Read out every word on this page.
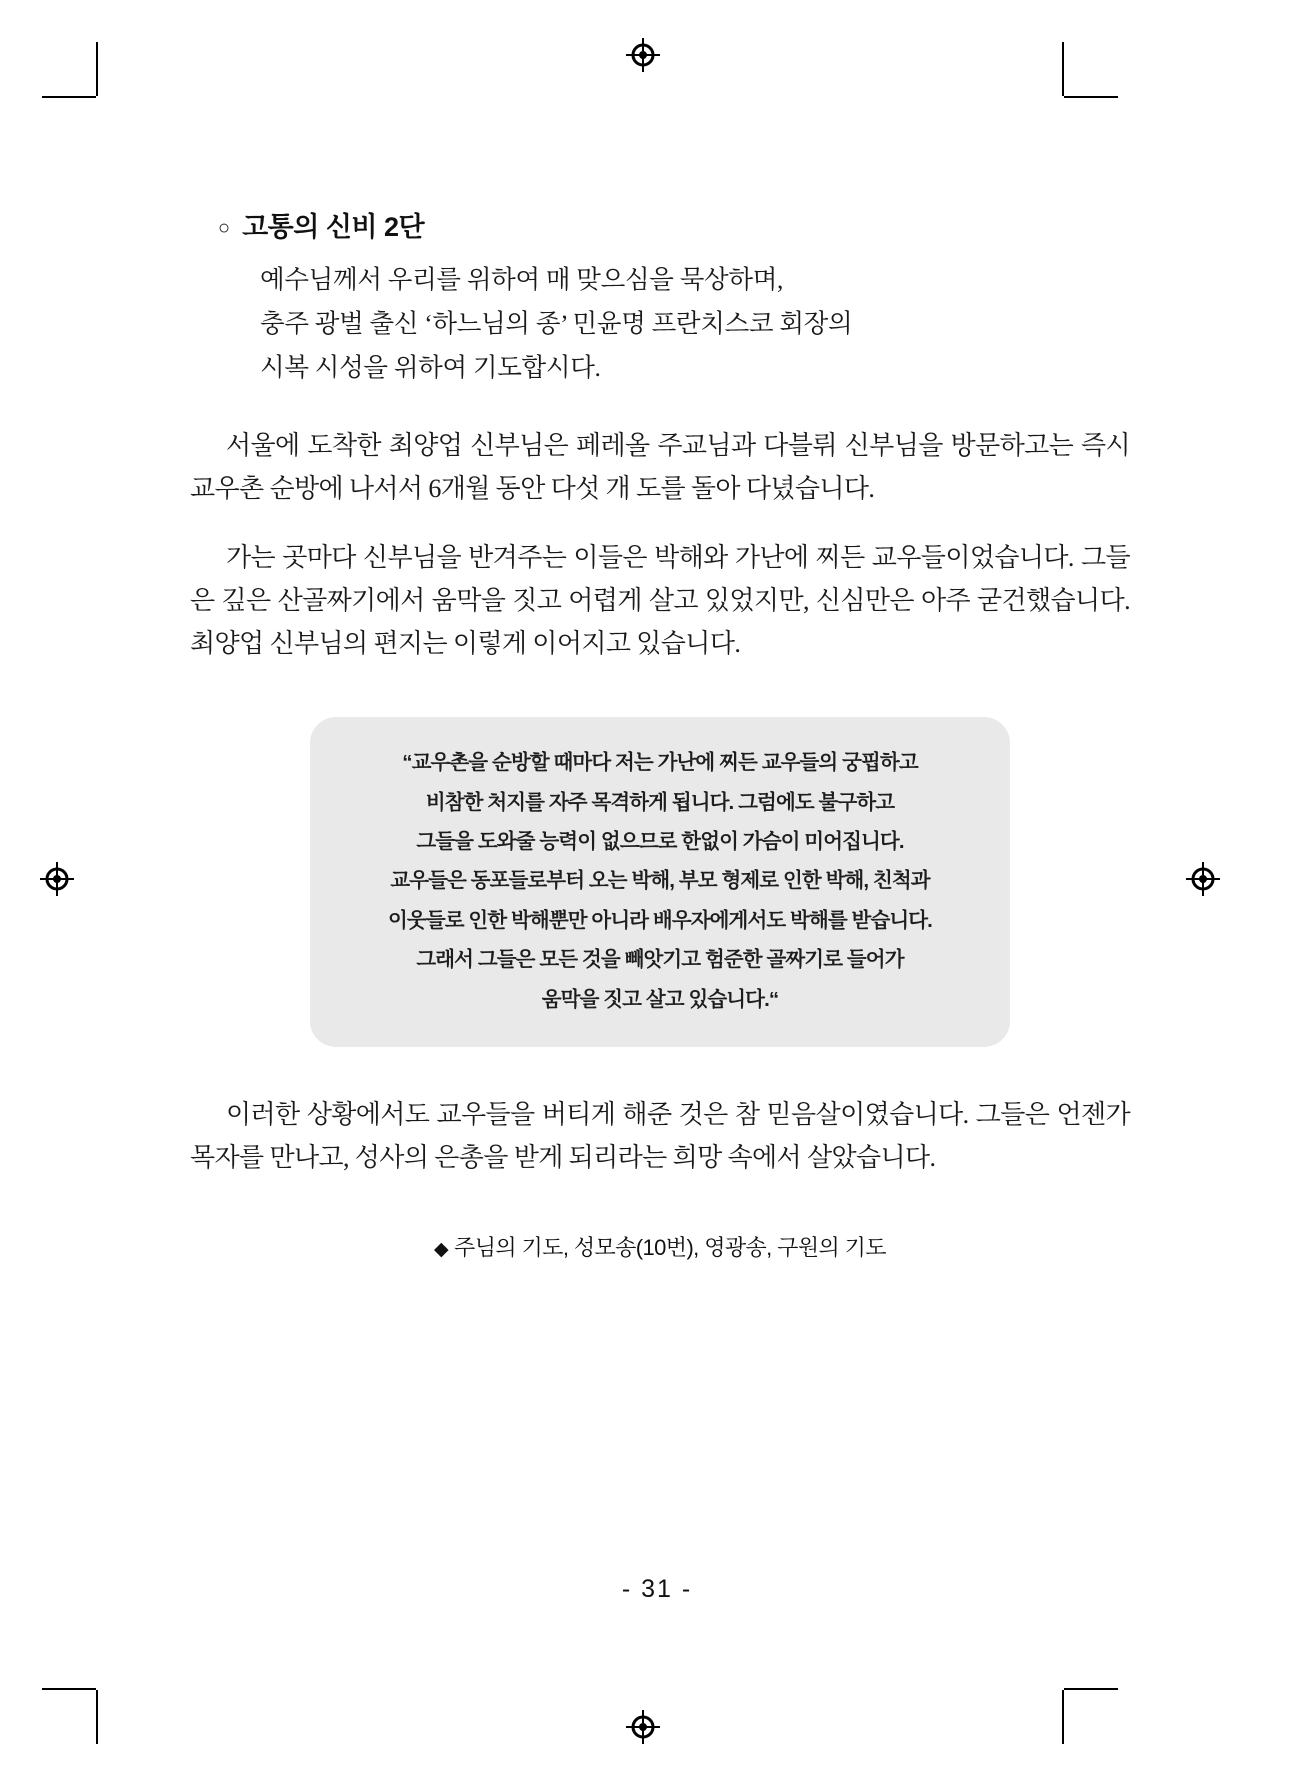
○ 고통의 신비 2단
예수님께서 우리를 위하여 매 맞으심을 묵상하며,
충주 광벌 출신 ‘하느님의 종’ 민윤명 프란치스코 회장의
시복 시성을 위하여 기도합시다.

서울에 도착한 최양업 신부님은 페레올 주교님과 다블뤼 신부님을 방문하고는 즉시 교우촌 순방에 나서서 6개월 동안 다섯 개 도를 돌아 다녔습니다.

가는 곳마다 신부님을 반겨주는 이들은 박해와 가난에 찌든 교우들이었습니다. 그들은 깊은 산골짜기에서 움막을 짓고 어렵게 살고 있었지만, 신심만은 아주 굳건했습니다. 최양업 신부님의 편지는 이렇게 이어지고 있습니다.

“교우촌을 순방할 때마다 저는 가난에 찌든 교우들의 궁핍하고

비참한 처지를 자주 목격하게 됩니다. 그럼에도 불구하고

그들을 도와줄 능력이 없으므로 한없이 가슴이 미어집니다.

교우들은 동포들로부터 오는 박해, 부모 형제로 인한 박해, 친척과

이웃들로 인한 박해뿐만 아니라 배우자에게서도 박해를 받습니다.

그래서 그들은 모든 것을 빼앗기고 험준한 골짜기로 들어가

움막을 짓고 살고 있습니다.“

이러한 상황에서도 교우들을 버티게 해준 것은 참 믿음살이였습니다. 그들은 언젠가 목자를 만나고, 성사의 은총을 받게 되리라는 희망 속에서 살았습니다.

◆ 주님의 기도, 성모송(10번), 영광송, 구원의 기도
- 31 -
